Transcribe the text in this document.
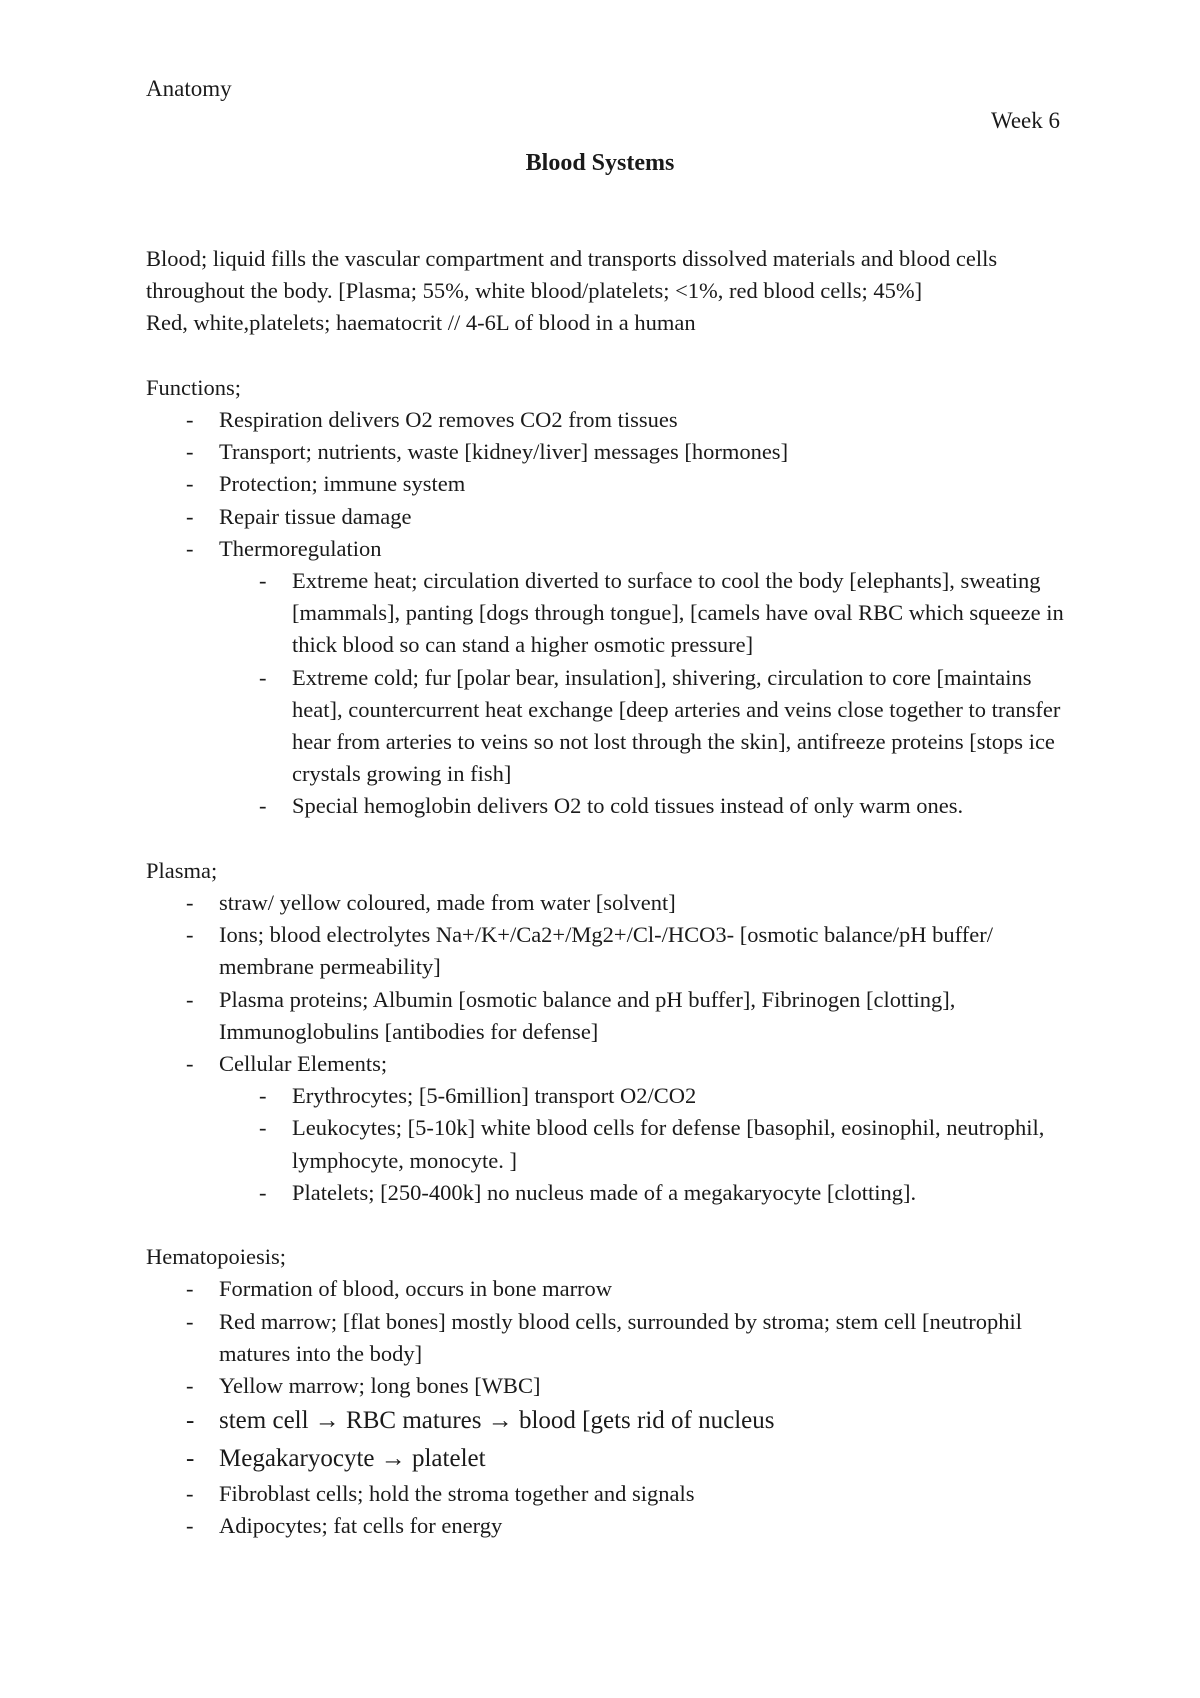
Anatomy
Week 6
Blood Systems

Blood; liquid fills the vascular compartment and transports dissolved materials and blood cells throughout the body. [Plasma; 55%, white blood/platelets; <1%, red blood cells; 45%]

Red, white,platelets; haematocrit // 4-6L of blood in a human

Functions;

- Respiration delivers O2 removes CO2 from tissues
- Transport; nutrients, waste [kidney/liver] messages [hormones]
- Protection; immune system
- Repair tissue damage
- Thermoregulation
- Extreme heat; circulation diverted to surface to cool the body [elephants], sweating [mammals], panting [dogs through tongue], [camels have oval RBC which squeeze in thick blood so can stand a higher osmotic pressure]
- Extreme cold; fur [polar bear, insulation], shivering, circulation to core [maintains heat], countercurrent heat exchange [deep arteries and veins close together to transfer hear from arteries to veins so not lost through the skin], antifreeze proteins [stops ice crystals growing in fish]
- Special hemoglobin delivers O2 to cold tissues instead of only warm ones.

Plasma;

- straw/ yellow coloured, made from water [solvent]
- Ions; blood electrolytes Na+/K+/Ca2+/Mg2+/Cl-/HCO3- [osmotic balance/pH buffer/ membrane permeability]
- Plasma proteins; Albumin [osmotic balance and pH buffer], Fibrinogen [clotting], Immunoglobulins [antibodies for defense]
- Cellular Elements;
- Erythrocytes; [5-6million] transport O2/CO2
- Leukocytes; [5-10k] white blood cells for defense [basophil, eosinophil, neutrophil, lymphocyte, monocyte. ]
- Platelets; [250-400k] no nucleus made of a megakaryocyte [clotting].

Hematopoiesis;

- Formation of blood, occurs in bone marrow
- Red marrow; [flat bones] mostly blood cells, surrounded by stroma; stem cell [neutrophil matures into the body]
- Yellow marrow; long bones [WBC]
- stem cell → RBC matures → blood [gets rid of nucleus
- Megakaryocyte → platelet
- Fibroblast cells; hold the stroma together and signals
- Adipocytes; fat cells for energy
